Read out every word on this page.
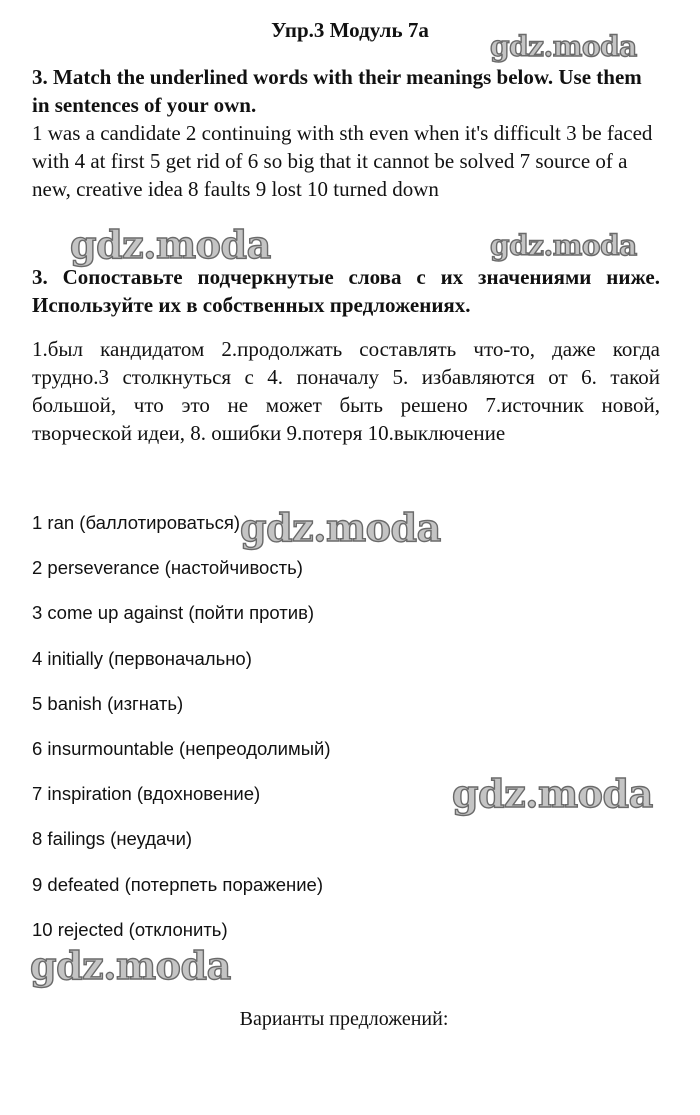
Упр.3 Модуль 7а
3. Match the underlined words with their meanings below. Use them in sentences of your own.
1 was a candidate 2 continuing with sth even when it's difficult 3 be faced with 4 at first 5 get rid of 6 so big that it cannot be solved 7 source of a new, creative idea 8 faults 9 lost 10 turned down
3. Сопоставьте подчеркнутые слова с их значениями ниже. Используйте их в собственных предложениях.
1.был кандидатом 2.продолжать составлять что-то, даже когда трудно.3 столкнуться с 4. поначалу 5. избавляются от 6. такой большой, что это не может быть решено 7.источник новой, творческой идеи, 8. ошибки 9.потеря 10.выключение
1 ran (баллотироваться)
2 perseverance (настойчивость)
3 come up against (пойти против)
4 initially (первоначально)
5 banish (изгнать)
6 insurmountable (непреодолимый)
7 inspiration (вдохновение)
8 failings (неудачи)
9 defeated (потерпеть поражение)
10 rejected (отклонить)
Варианты предложений:
gdz.moda
gdz.moda	gdz.moda
gdz.moda
gdz.moda
gdz.moda
